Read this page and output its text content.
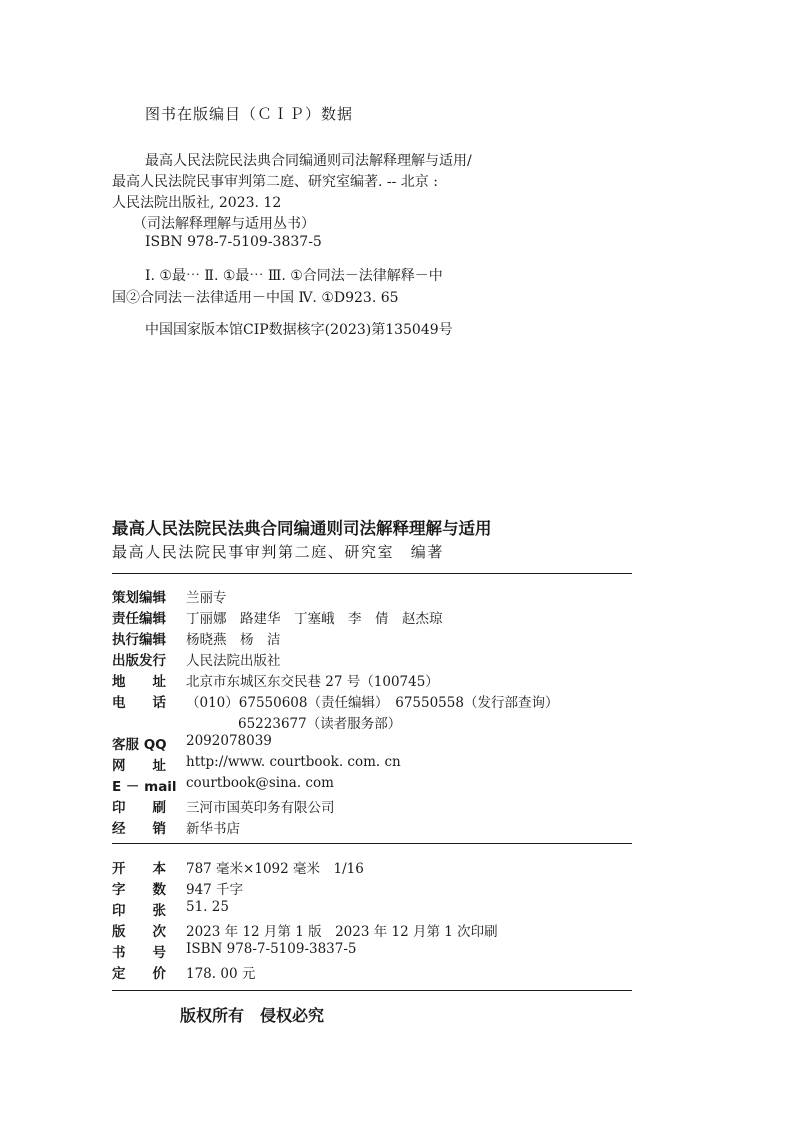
图书在版编目（ＣＩＰ）数据
最高人民法院民法典合同编通则司法解释理解与适用/
最高人民法院民事审判第二庭、研究室编著. -- 北京 :
人民法院出版社, 2023. 12
（司法解释理解与适用丛书）
ISBN 978-7-5109-3837-5
Ⅰ. ①最⋯ Ⅱ. ①最⋯ Ⅲ. ①合同法－法律解释－中
国②合同法－法律适用－中国 Ⅳ. ①D923. 65
中国国家版本馆CIP数据核字(2023)第135049号
最高人民法院民法典合同编通则司法解释理解与适用
最高人民法院民事审判第二庭、研究室　编著
策划编辑 兰丽专
责任编辑 丁丽娜　路建华　丁塞峨　李　倩　赵杰琼
执行编辑 杨晓燕　杨　洁
出版发行 人民法院出版社
地　　址 北京市东城区东交民巷 27 号（100745）
电　　话 （010）67550608（责任编辑）　67550558（发行部查询）
65223677（读者服务部）
客服 QQ 2092078039
网　　址 http://www. courtbook. com. cn
E － mail courtbook@sina. com
印　　刷 三河市国英印务有限公司
经　　销 新华书店
开　　本 787 毫米×1092 毫米　1/16
字　　数 947 千字
印　　张 51. 25
版　　次 2023 年 12 月第 1 版　2023 年 12 月第 1 次印刷
书　　号 ISBN 978-7-5109-3837-5
定　　价 178. 00 元
版权所有　侵权必究
